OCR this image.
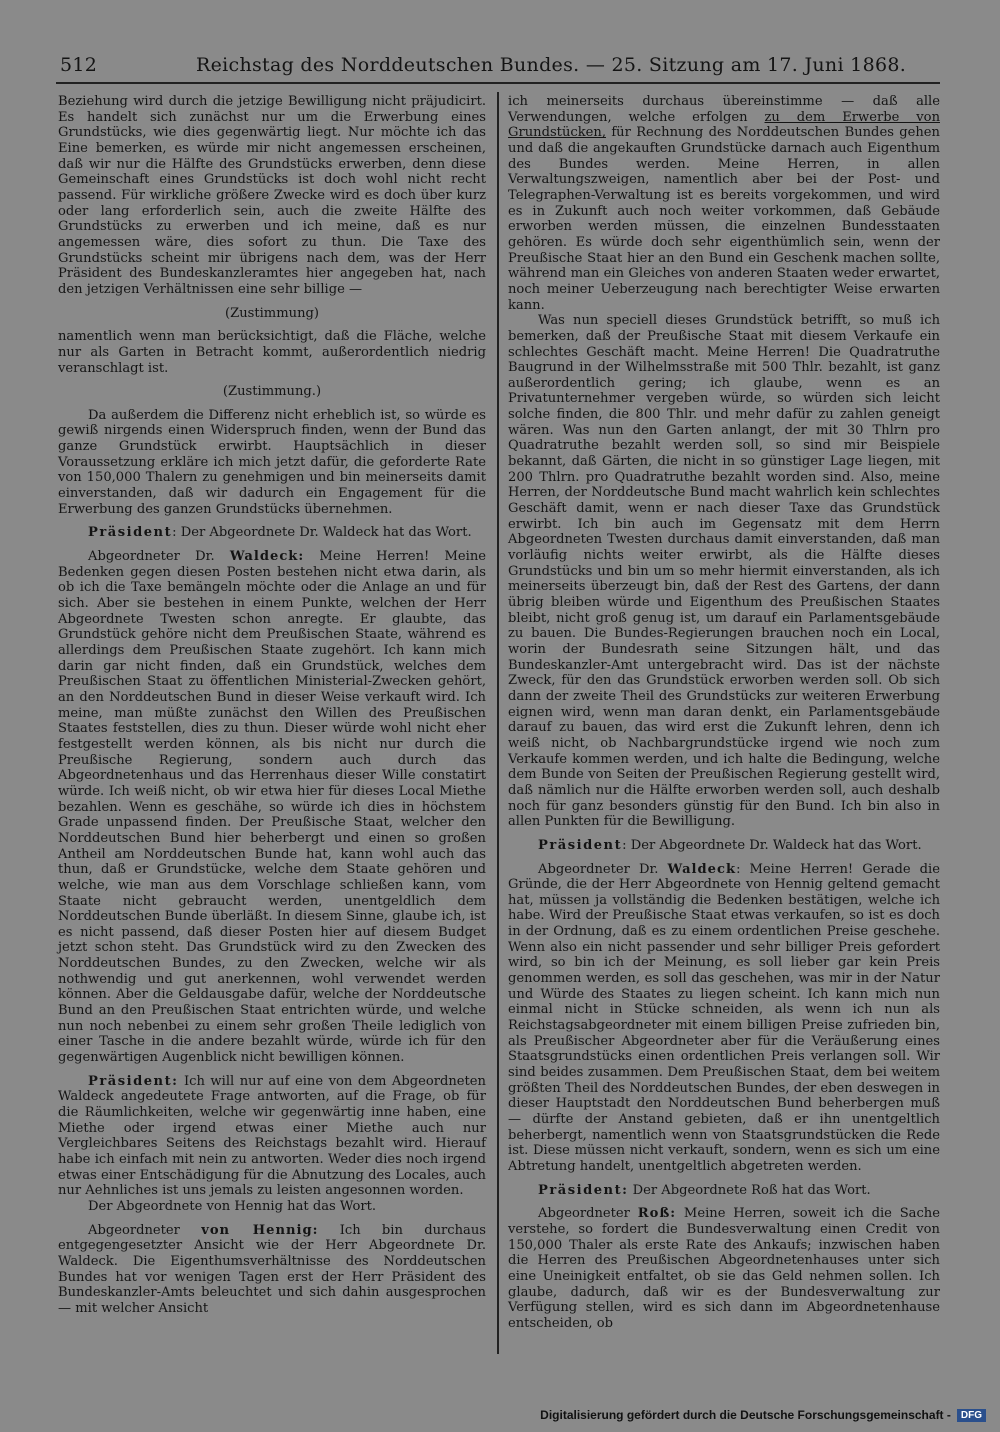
512	Reichstag des Norddeutschen Bundes. — 25. Sitzung am 17. Juni 1868.

Beziehung wird durch die jetzige Bewilligung nicht präjudicirt. Es handelt sich zunächst nur um die Erwerbung eines Grundstücks, wie dies gegenwärtig liegt. Nur möchte ich das Eine bemerken, es würde mir nicht angemessen erscheinen, daß wir nur die Hälfte des Grundstücks erwerben, denn diese Gemeinschaft eines Grundstücks ist doch wohl nicht recht passend. Für wirkliche größere Zwecke wird es doch über kurz oder lang erforderlich sein, auch die zweite Hälfte des Grundstücks zu erwerben und ich meine, daß es nur angemessen wäre, dies sofort zu thun. Die Taxe des Grundstücks scheint mir übrigens nach dem, was der Herr Präsident des Bundeskanzleramtes hier angegeben hat, nach den jetzigen Verhältnissen eine sehr billige —

(Zustimmung)

namentlich wenn man berücksichtigt, daß die Fläche, welche nur als Garten in Betracht kommt, außerordentlich niedrig veranschlagt ist.

(Zustimmung.)

Da außerdem die Differenz nicht erheblich ist, so würde es gewiß nirgends einen Widerspruch finden, wenn der Bund das ganze Grundstück erwirbt. Hauptsächlich in dieser Voraussetzung erkläre ich mich jetzt dafür, die geforderte Rate von 150,000 Thalern zu genehmigen und bin meinerseits damit einverstanden, daß wir dadurch ein Engagement für die Erwerbung des ganzen Grundstücks übernehmen.

Präsident: Der Abgeordnete Dr. Waldeck hat das Wort.

Abgeordneter Dr. Waldeck: Meine Herren! Meine Bedenken gegen diesen Posten bestehen nicht etwa darin, als ob ich die Taxe bemängeln möchte oder die Anlage an und für sich. Aber sie bestehen in einem Punkte, welchen der Herr Abgeordnete Twesten schon anregte. Er glaubte, das Grundstück gehöre nicht dem Preußischen Staate, während es allerdings dem Preußischen Staate zugehört. Ich kann mich darin gar nicht finden, daß ein Grundstück, welches dem Preußischen Staat zu öffentlichen Ministerial-Zwecken gehört, an den Norddeutschen Bund in dieser Weise verkauft wird. Ich meine, man müßte zunächst den Willen des Preußischen Staates feststellen, dies zu thun. Dieser würde wohl nicht eher festgestellt werden können, als bis nicht nur durch die Preußische Regierung, sondern auch durch das Abgeordnetenhaus und das Herrenhaus dieser Wille constatirt würde. Ich weiß nicht, ob wir etwa hier für dieses Local Miethe bezahlen. Wenn es geschähe, so würde ich dies in höchstem Grade unpassend finden. Der Preußische Staat, welcher den Norddeutschen Bund hier beherbergt und einen so großen Antheil am Norddeutschen Bunde hat, kann wohl auch das thun, daß er Grundstücke, welche dem Staate gehören und welche, wie man aus dem Vorschlage schließen kann, vom Staate nicht gebraucht werden, unentgeldlich dem Norddeutschen Bunde überläßt. In diesem Sinne, glaube ich, ist es nicht passend, daß dieser Posten hier auf diesem Budget jetzt schon steht. Das Grundstück wird zu den Zwecken des Norddeutschen Bundes, zu den Zwecken, welche wir als nothwendig und gut anerkennen, wohl verwendet werden können. Aber die Geldausgabe dafür, welche der Norddeutsche Bund an den Preußischen Staat entrichten würde, und welche nun noch nebenbei zu einem sehr großen Theile lediglich von einer Tasche in die andere bezahlt würde, würde ich für den gegenwärtigen Augenblick nicht bewilligen können.

Präsident: Ich will nur auf eine von dem Abgeordneten Waldeck angedeutete Frage antworten, auf die Frage, ob für die Räumlichkeiten, welche wir gegenwärtig inne haben, eine Miethe oder irgend etwas einer Miethe auch nur Vergleichbares Seitens des Reichstags bezahlt wird. Hierauf habe ich einfach mit nein zu antworten. Weder dies noch irgend etwas einer Entschädigung für die Abnutzung des Locales, auch nur Aehnliches ist uns jemals zu leisten angesonnen worden.

Der Abgeordnete von Hennig hat das Wort.

Abgeordneter von Hennig: Ich bin durchaus entgegengesetzter Ansicht wie der Herr Abgeordnete Dr. Waldeck. Die Eigenthumsverhältnisse des Norddeutschen Bundes hat vor wenigen Tagen erst der Herr Präsident des Bundeskanzler-Amts beleuchtet und sich dahin ausgesprochen — mit welcher Ansicht

ich meinerseits durchaus übereinstimme — daß alle Verwendungen, welche erfolgen zu dem Erwerbe von Grundstücken, für Rechnung des Norddeutschen Bundes gehen und daß die angekauften Grundstücke darnach auch Eigenthum des Bundes werden. Meine Herren, in allen Verwaltungszweigen, namentlich aber bei der Post- und Telegraphen-Verwaltung ist es bereits vorgekommen, und wird es in Zukunft auch noch weiter vorkommen, daß Gebäude erworben werden müssen, die einzelnen Bundesstaaten gehören. Es würde doch sehr eigenthümlich sein, wenn der Preußische Staat hier an den Bund ein Geschenk machen sollte, während man ein Gleiches von anderen Staaten weder erwartet, noch meiner Ueberzeugung nach berechtigter Weise erwarten kann.

Was nun speciell dieses Grundstück betrifft, so muß ich bemerken, daß der Preußische Staat mit diesem Verkaufe ein schlechtes Geschäft macht. Meine Herren! Die Quadratruthe Baugrund in der Wilhelmsstraße mit 500 Thlr. bezahlt, ist ganz außerordentlich gering; ich glaube, wenn es an Privatunternehmer vergeben würde, so würden sich leicht solche finden, die 800 Thlr. und mehr dafür zu zahlen geneigt wären. Was nun den Garten anlangt, der mit 30 Thlrn pro Quadratruthe bezahlt werden soll, so sind mir Beispiele bekannt, daß Gärten, die nicht in so günstiger Lage liegen, mit 200 Thlrn. pro Quadratruthe bezahlt worden sind. Also, meine Herren, der Norddeutsche Bund macht wahrlich kein schlechtes Geschäft damit, wenn er nach dieser Taxe das Grundstück erwirbt. Ich bin auch im Gegensatz mit dem Herrn Abgeordneten Twesten durchaus damit einverstanden, daß man vorläufig nichts weiter erwirbt, als die Hälfte dieses Grundstücks und bin um so mehr hiermit einverstanden, als ich meinerseits überzeugt bin, daß der Rest des Gartens, der dann übrig bleiben würde und Eigenthum des Preußischen Staates bleibt, nicht groß genug ist, um darauf ein Parlamentsgebäude zu bauen. Die Bundes-Regierungen brauchen noch ein Local, worin der Bundesrath seine Sitzungen hält, und das Bundeskanzler-Amt untergebracht wird. Das ist der nächste Zweck, für den das Grundstück erworben werden soll. Ob sich dann der zweite Theil des Grundstücks zur weiteren Erwerbung eignen wird, wenn man daran denkt, ein Parlamentsgebäude darauf zu bauen, das wird erst die Zukunft lehren, denn ich weiß nicht, ob Nachbargrundstücke irgend wie noch zum Verkaufe kommen werden, und ich halte die Bedingung, welche dem Bunde von Seiten der Preußischen Regierung gestellt wird, daß nämlich nur die Hälfte erworben werden soll, auch deshalb noch für ganz besonders günstig für den Bund. Ich bin also in allen Punkten für die Bewilligung.

Präsident: Der Abgeordnete Dr. Waldeck hat das Wort.

Abgeordneter Dr. Waldeck: Meine Herren! Gerade die Gründe, die der Herr Abgeordnete von Hennig geltend gemacht hat, müssen ja vollständig die Bedenken bestätigen, welche ich habe. Wird der Preußische Staat etwas verkaufen, so ist es doch in der Ordnung, daß es zu einem ordentlichen Preise geschehe. Wenn also ein nicht passender und sehr billiger Preis gefordert wird, so bin ich der Meinung, es soll lieber gar kein Preis genommen werden, es soll das geschehen, was mir in der Natur und Würde des Staates zu liegen scheint. Ich kann mich nun einmal nicht in Stücke schneiden, als wenn ich nun als Reichstagsabgeordneter mit einem billigen Preise zufrieden bin, als Preußischer Abgeordneter aber für die Veräußerung eines Staatsgrundstücks einen ordentlichen Preis verlangen soll. Wir sind beides zusammen. Dem Preußischen Staat, dem bei weitem größten Theil des Norddeutschen Bundes, der eben deswegen in dieser Hauptstadt den Norddeutschen Bund beherbergen muß — dürfte der Anstand gebieten, daß er ihn unentgeltlich beherbergt, namentlich wenn von Staatsgrundstücken die Rede ist. Diese müssen nicht verkauft, sondern, wenn es sich um eine Abtretung handelt, unentgeltlich abgetreten werden.

Präsident: Der Abgeordnete Roß hat das Wort.

Abgeordneter Roß: Meine Herren, soweit ich die Sache verstehe, so fordert die Bundesverwaltung einen Credit von 150,000 Thaler als erste Rate des Ankaufs; inzwischen haben die Herren des Preußischen Abgeordnetenhauses unter sich eine Uneinigkeit entfaltet, ob sie das Geld nehmen sollen. Ich glaube, dadurch, daß wir es der Bundesverwaltung zur Verfügung stellen, wird es sich dann im Abgeordnetenhause entscheiden, ob

Digitalisierung gefördert durch die Deutsche Forschungsgemeinschaft -	DFG
